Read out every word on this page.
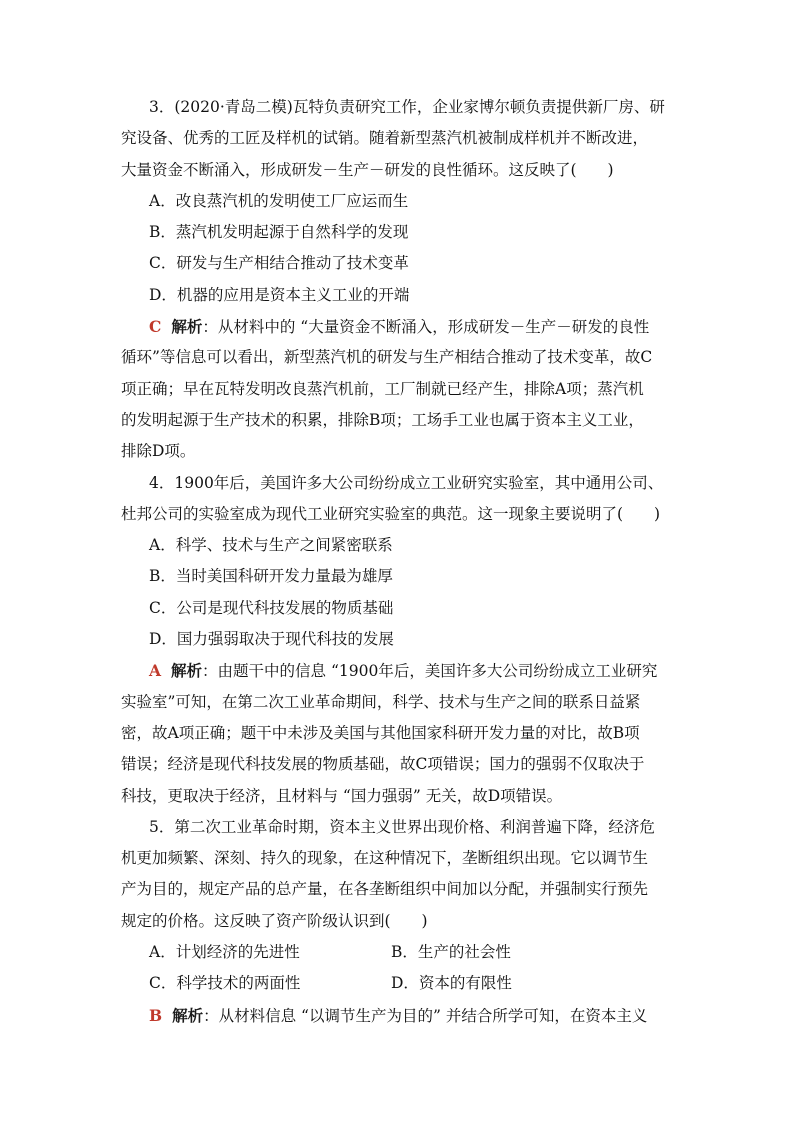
3．(2020·青岛二模)瓦特负责研究工作，企业家博尔顿负责提供新厂房、研
究设备、优秀的工匠及样机的试销。随着新型蒸汽机被制成样机并不断改进，
大量资金不断涌入，形成研发－生产－研发的良性循环。这反映了(　　)
A．改良蒸汽机的发明使工厂应运而生
B．蒸汽机发明起源于自然科学的发现
C．研发与生产相结合推动了技术变革
D．机器的应用是资本主义工业的开端
C 解析：从材料中的 “大量资金不断涌入，形成研发－生产－研发的良性
循环”等信息可以看出，新型蒸汽机的研发与生产相结合推动了技术变革，故C
项正确；早在瓦特发明改良蒸汽机前，工厂制就已经产生，排除A项；蒸汽机
的发明起源于生产技术的积累，排除B项；工场手工业也属于资本主义工业，
排除D项。
4．1900年后，美国许多大公司纷纷成立工业研究实验室，其中通用公司、
杜邦公司的实验室成为现代工业研究实验室的典范。这一现象主要说明了(　　)
A．科学、技术与生产之间紧密联系
B．当时美国科研开发力量最为雄厚
C．公司是现代科技发展的物质基础
D．国力强弱取决于现代科技的发展
A 解析：由题干中的信息 “1900年后，美国许多大公司纷纷成立工业研究
实验室”可知，在第二次工业革命期间，科学、技术与生产之间的联系日益紧
密，故A项正确；题干中未涉及美国与其他国家科研开发力量的对比，故B项
错误；经济是现代科技发展的物质基础，故C项错误；国力的强弱不仅取决于
科技，更取决于经济，且材料与 “国力强弱” 无关，故D项错误。
5．第二次工业革命时期，资本主义世界出现价格、利润普遍下降，经济危
机更加频繁、深刻、持久的现象，在这种情况下，垄断组织出现。它以调节生
产为目的，规定产品的总产量，在各垄断组织中间加以分配，并强制实行预先
规定的价格。这反映了资产阶级认识到(　　)
A．计划经济的先进性	B．生产的社会性
C．科学技术的两面性	D．资本的有限性
B 解析：从材料信息 “以调节生产为目的” 并结合所学可知，在资本主义
